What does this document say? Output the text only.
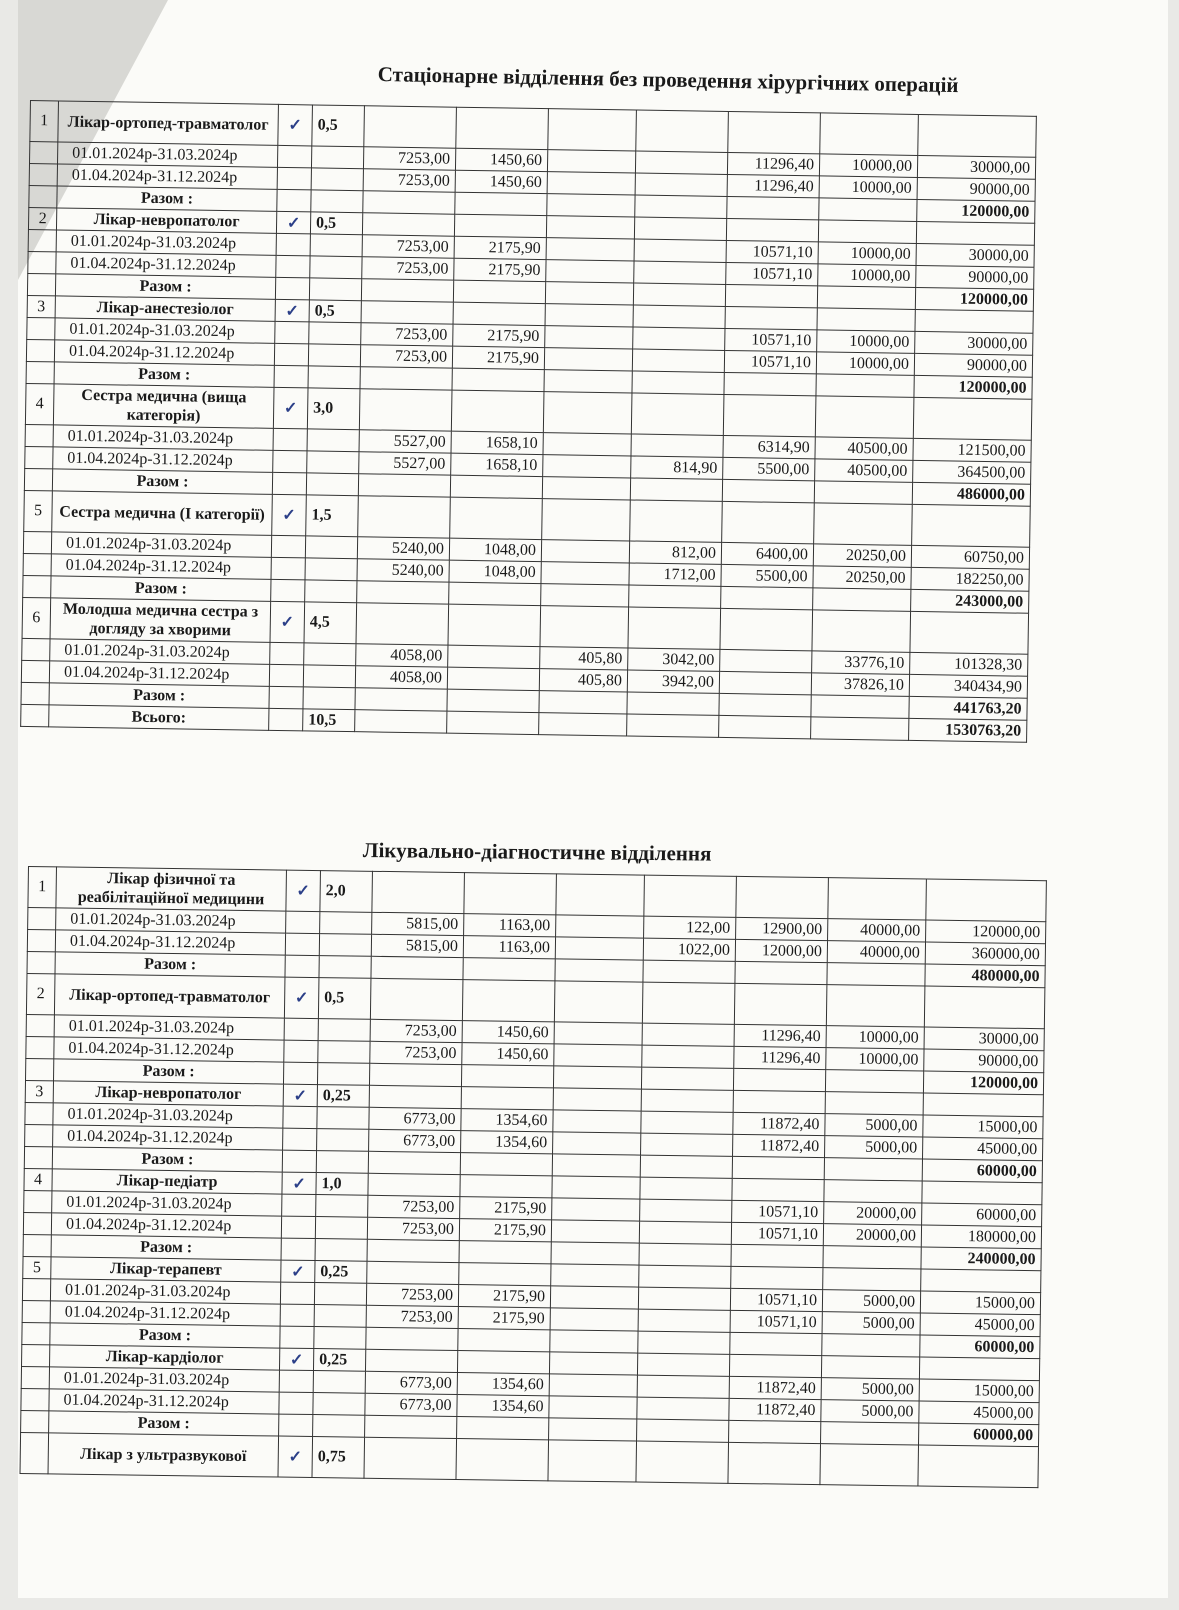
Стаціонарне відділення без проведення хірургічних операцій
1	Лікар-ортопед-травматолог	✓	0,5							
	01.01.2024р-31.03.2024р			7253,00	1450,60			11296,40	10000,00	30000,00
	01.04.2024р-31.12.2024р			7253,00	1450,60			11296,40	10000,00	90000,00
	Разом :									120000,00
2	Лікар-невропатолог	✓	0,5							
	01.01.2024р-31.03.2024р			7253,00	2175,90			10571,10	10000,00	30000,00
	01.04.2024р-31.12.2024р			7253,00	2175,90			10571,10	10000,00	90000,00
	Разом :									120000,00
3	Лікар-анестезіолог	✓	0,5							
	01.01.2024р-31.03.2024р			7253,00	2175,90			10571,10	10000,00	30000,00
	01.04.2024р-31.12.2024р			7253,00	2175,90			10571,10	10000,00	90000,00
	Разом :									120000,00
4	Сестра медична (вища категорія)	✓	3,0							
	01.01.2024р-31.03.2024р			5527,00	1658,10			6314,90	40500,00	121500,00
	01.04.2024р-31.12.2024р			5527,00	1658,10		814,90	5500,00	40500,00	364500,00
	Разом :									486000,00
5	Сестра медична (І категорії)	✓	1,5							
	01.01.2024р-31.03.2024р			5240,00	1048,00		812,00	6400,00	20250,00	60750,00
	01.04.2024р-31.12.2024р			5240,00	1048,00		1712,00	5500,00	20250,00	182250,00
	Разом :									243000,00
6	Молодша медична сестра з догляду за хворими	✓	4,5							
	01.01.2024р-31.03.2024р			4058,00		405,80	3042,00		33776,10	101328,30
	01.04.2024р-31.12.2024р			4058,00		405,80	3942,00		37826,10	340434,90
	Разом :									441763,20
	Всього:		10,5							1530763,20
Лікувально-діагностичне відділення
1	Лікар фізичної та реабілітаційної медицини	✓	2,0							
	01.01.2024р-31.03.2024р			5815,00	1163,00		122,00	12900,00	40000,00	120000,00
	01.04.2024р-31.12.2024р			5815,00	1163,00		1022,00	12000,00	40000,00	360000,00
	Разом :									480000,00
2	Лікар-ортопед-травматолог	✓	0,5							
	01.01.2024р-31.03.2024р			7253,00	1450,60			11296,40	10000,00	30000,00
	01.04.2024р-31.12.2024р			7253,00	1450,60			11296,40	10000,00	90000,00
	Разом :									120000,00
3	Лікар-невропатолог	✓	0,25							
	01.01.2024р-31.03.2024р			6773,00	1354,60			11872,40	5000,00	15000,00
	01.04.2024р-31.12.2024р			6773,00	1354,60			11872,40	5000,00	45000,00
	Разом :									60000,00
4	Лікар-педіатр	✓	1,0							
	01.01.2024р-31.03.2024р			7253,00	2175,90			10571,10	20000,00	60000,00
	01.04.2024р-31.12.2024р			7253,00	2175,90			10571,10	20000,00	180000,00
	Разом :									240000,00
5	Лікар-терапевт	✓	0,25							
	01.01.2024р-31.03.2024р			7253,00	2175,90			10571,10	5000,00	15000,00
	01.04.2024р-31.12.2024р			7253,00	2175,90			10571,10	5000,00	45000,00
	Разом :									60000,00
	Лікар-кардіолог	✓	0,25							
	01.01.2024р-31.03.2024р			6773,00	1354,60			11872,40	5000,00	15000,00
	01.04.2024р-31.12.2024р			6773,00	1354,60			11872,40	5000,00	45000,00
	Разом :									60000,00
	Лікар з ультразвукової	✓	0,75							
